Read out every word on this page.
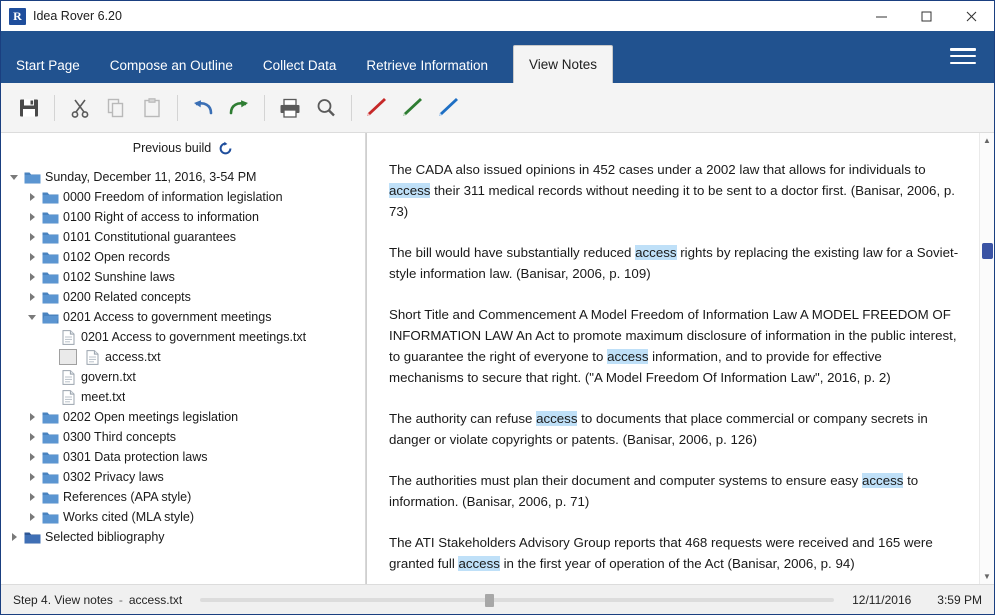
R Idea Rover 6.20
Start Page	Compose an Outline	Collect Data	Retrieve Information	View Notes
Previous build
Sunday, December 11, 2016, 3-54 PM
0000 Freedom of information legislation
0100 Right of access to information
0101 Constitutional guarantees
0102 Open records
0102 Sunshine laws
0200 Related concepts
0201 Access to government meetings
0201 Access to government meetings.txt
access.txt
govern.txt
meet.txt
0202 Open meetings legislation
0300 Third concepts
0301 Data protection laws
0302 Privacy laws
References (APA style)
Works cited (MLA style)
Selected bibliography

The CADA also issued opinions in 452 cases under a 2002 law that allows for individuals to access their 311 medical records without needing it to be sent to a doctor first. (Banisar, 2006, p. 73)

The bill would have substantially reduced access rights by replacing the existing law for a Soviet-style information law. (Banisar, 2006, p. 109)

Short Title and Commencement A Model Freedom of Information Law A MODEL FREEDOM OF INFORMATION LAW An Act to promote maximum disclosure of information in the public interest, to guarantee the right of everyone to access information, and to provide for effective mechanisms to secure that right. ("A Model Freedom Of Information Law", 2016, p. 2)

The authority can refuse access to documents that place commercial or company secrets in danger or violate copyrights or patents. (Banisar, 2006, p. 126)

The authorities must plan their document and computer systems to ensure easy access to information. (Banisar, 2006, p. 71)

The ATI Stakeholders Advisory Group reports that 468 requests were received and 165 were granted full access in the first year of operation of the Act (Banisar, 2006, p. 94)

▲
▼
Step 4. View notes - access.txt	12/11/2016 3:59 PM
